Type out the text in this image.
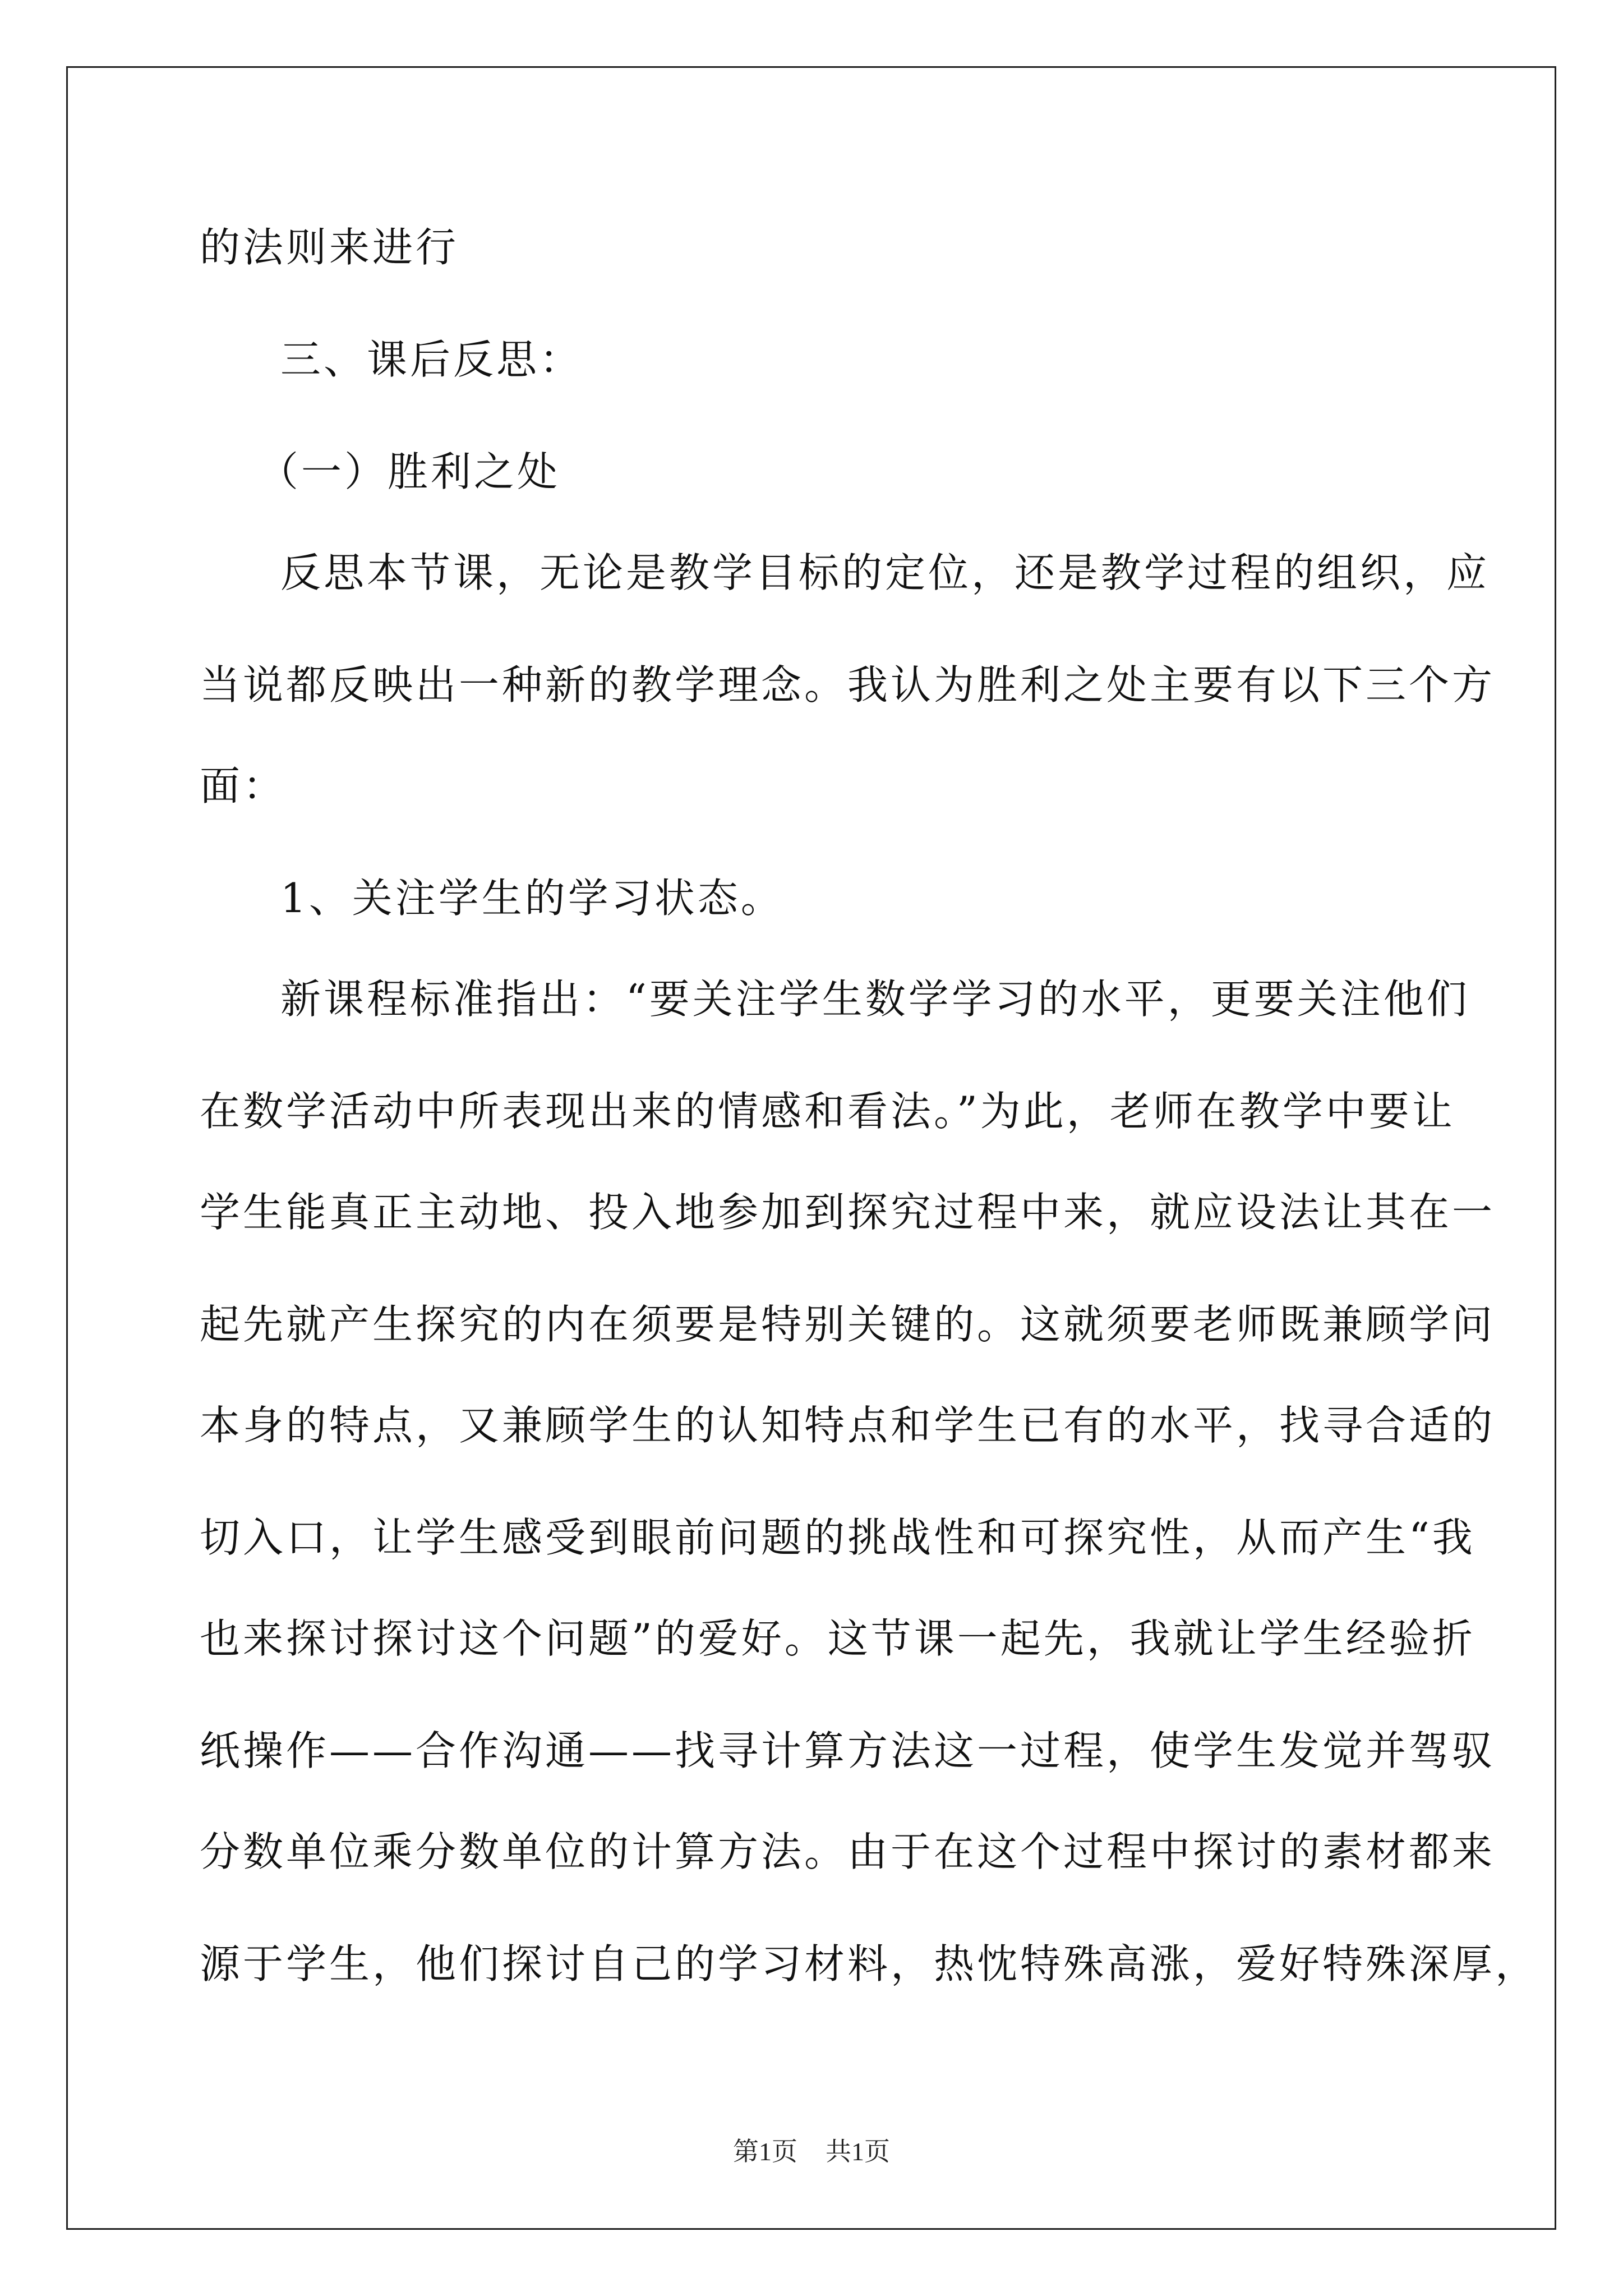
的法则来进行
三、课后反思：
（一）胜利之处
反思本节课，无论是教学目标的定位，还是教学过程的组织，应
当说都反映出一种新的教学理念。我认为胜利之处主要有以下三个方
面：
1、关注学生的学习状态。
新课程标准指出：“要关注学生数学学习的水平，更要关注他们
在数学活动中所表现出来的情感和看法。”为此，老师在教学中要让
学生能真正主动地、投入地参加到探究过程中来，就应设法让其在一
起先就产生探究的内在须要是特别关键的。这就须要老师既兼顾学问
本身的特点，又兼顾学生的认知特点和学生已有的水平，找寻合适的
切入口，让学生感受到眼前问题的挑战性和可探究性，从而产生“我
也来探讨探讨这个问题”的爱好。这节课一起先，我就让学生经验折
纸操作——合作沟通——找寻计算方法这一过程，使学生发觉并驾驭
分数单位乘分数单位的计算方法。由于在这个过程中探讨的素材都来
源于学生，他们探讨自己的学习材料，热忱特殊高涨，爱好特殊深厚，
第1页 共1页
